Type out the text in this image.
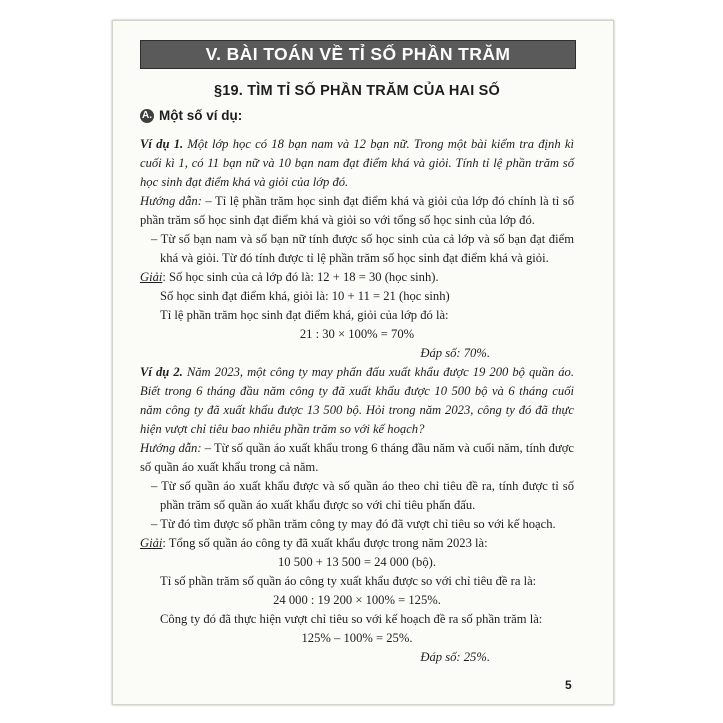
V. BÀI TOÁN VỀ TỈ SỐ PHẦN TRĂM
§19. TÌM TỈ SỐ PHẦN TRĂM CỦA HAI SỐ
A. Một số ví dụ:

Ví dụ 1. Một lớp học có 18 bạn nam và 12 bạn nữ. Trong một bài kiểm tra định kì cuối kì 1, có 11 bạn nữ và 10 bạn nam đạt điểm khá và giỏi. Tính tỉ lệ phần trăm số học sinh đạt điểm khá và giỏi của lớp đó.

Hướng dẫn: – Tỉ lệ phần trăm học sinh đạt điểm khá và giỏi của lớp đó chính là tỉ số phần trăm số học sinh đạt điểm khá và giỏi so với tổng số học sinh của lớp đó.

– Từ số bạn nam và số bạn nữ tính được số học sinh của cả lớp và số bạn đạt điểm khá và giỏi. Từ đó tính được tỉ lệ phần trăm số học sinh đạt điểm khá và giỏi.

Giải: Số học sinh của cả lớp đó là: 12 + 18 = 30 (học sinh).

Số học sinh đạt điểm khá, giỏi là: 10 + 11 = 21 (học sinh)

Tỉ lệ phần trăm học sinh đạt điểm khá, giỏi của lớp đó là:

21 : 30 × 100% = 70%

Đáp số: 70%.

Ví dụ 2. Năm 2023, một công ty may phấn đấu xuất khẩu được 19 200 bộ quần áo. Biết trong 6 tháng đầu năm công ty đã xuất khẩu được 10 500 bộ và 6 tháng cuối năm công ty đã xuất khẩu được 13 500 bộ. Hỏi trong năm 2023, công ty đó đã thực hiện vượt chỉ tiêu bao nhiêu phần trăm so với kế hoạch?

Hướng dẫn: – Từ số quần áo xuất khẩu trong 6 tháng đầu năm và cuối năm, tính được số quần áo xuất khẩu trong cả năm.

– Từ số quần áo xuất khẩu được và số quần áo theo chỉ tiêu đề ra, tính được tỉ số phần trăm số quần áo xuất khẩu được so với chỉ tiêu phấn đấu.

– Từ đó tìm được số phần trăm công ty may đó đã vượt chỉ tiêu so với kế hoạch.

Giải: Tổng số quần áo công ty đã xuất khẩu được trong năm 2023 là:

10 500 + 13 500 = 24 000 (bộ).

Tỉ số phần trăm số quần áo công ty xuất khẩu được so với chỉ tiêu đề ra là:

24 000 : 19 200 × 100% = 125%.

Công ty đó đã thực hiện vượt chỉ tiêu so với kế hoạch đề ra số phần trăm là:

125% – 100% = 25%.

Đáp số: 25%.

5
